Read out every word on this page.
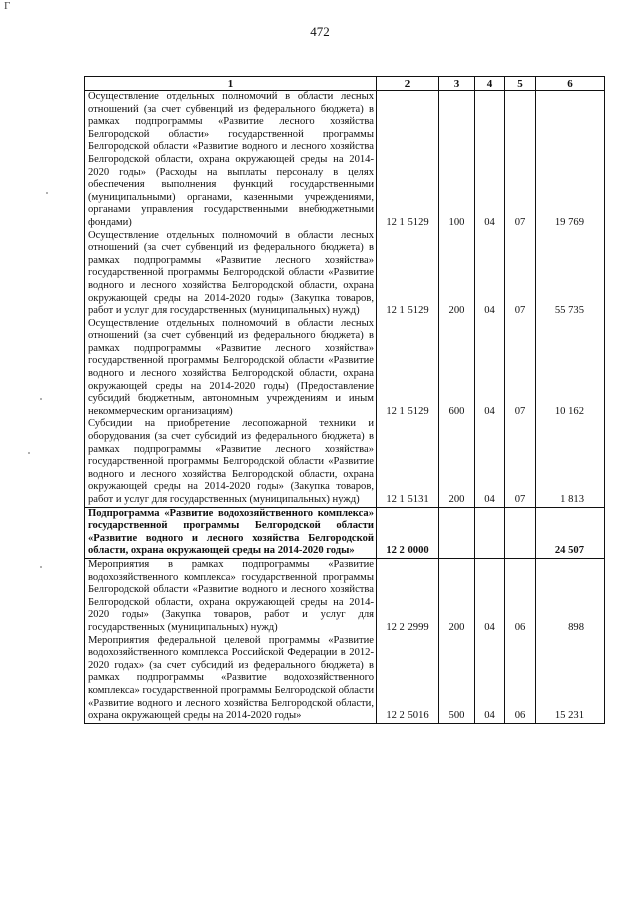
Г
472
1	2	3	4	5	6
Осуществление отдельных полномочий в области лесных отношений (за счет субвенций из федерального бюджета) в рамках подпрограммы «Развитие лесного хозяйства Белгородской области» государственной программы Белгородской области «Развитие водного и лесного хозяйства Белгородской области, охрана окружающей среды на 2014-2020 годы» (Расходы на выплаты персоналу в целях обеспечения выполнения функций государственными (муниципальными) органами, казенными учреждениями, органами управления государственными внебюджетными фондами)	12 1 5129	100	04	07	19 769
Осуществление отдельных полномочий в области лесных отношений (за счет субвенций из федерального бюджета) в рамках подпрограммы «Развитие лесного хозяйства» государственной программы Белгородской области «Развитие водного и лесного хозяйства Белгородской области, охрана окружающей среды на 2014-2020 годы» (Закупка товаров, работ и услуг для государственных (муниципальных) нужд)	12 1 5129	200	04	07	55 735
Осуществление отдельных полномочий в области лесных отношений (за счет субвенций из федерального бюджета) в рамках подпрограммы «Развитие лесного хозяйства» государственной программы Белгородской области «Развитие водного и лесного хозяйства Белгородской области, охрана окружающей среды на 2014-2020 годы) (Предоставление субсидий бюджетным, автономным учреждениям и иным некоммерческим организациям)	12 1 5129	600	04	07	10 162
Субсидии на приобретение лесопожарной техники и оборудования (за счет субсидий из федерального бюджета) в рамках подпрограммы «Развитие лесного хозяйства» государственной программы Белгородской области «Развитие водного и лесного хозяйства Белгородской области, охрана окружающей среды на 2014-2020 годы» (Закупка товаров, работ и услуг для государственных (муниципальных) нужд)	12 1 5131	200	04	07	1 813
Подпрограмма «Развитие водохозяйственного комплекса» государственной программы Белгородской области «Развитие водного и лесного хозяйства Белгородской области, охрана окружающей среды на 2014-2020 годы»	12 2 0000				24 507
Мероприятия в рамках подпрограммы «Развитие водохозяйственного комплекса» государственной программы Белгородской области «Развитие водного и лесного хозяйства Белгородской области, охрана окружающей среды на 2014-2020 годы» (Закупка товаров, работ и услуг для государственных (муниципальных) нужд)	12 2 2999	200	04	06	898
Мероприятия федеральной целевой программы «Развитие водохозяйственного комплекса Российской Федерации в 2012-2020 годах» (за счет субсидий из федерального бюджета) в рамках подпрограммы «Развитие водохозяйственного комплекса» государственной программы Белгородской области «Развитие водного и лесного хозяйства Белгородской области, охрана окружающей среды на 2014-2020 годы»	12 2 5016	500	04	06	15 231
